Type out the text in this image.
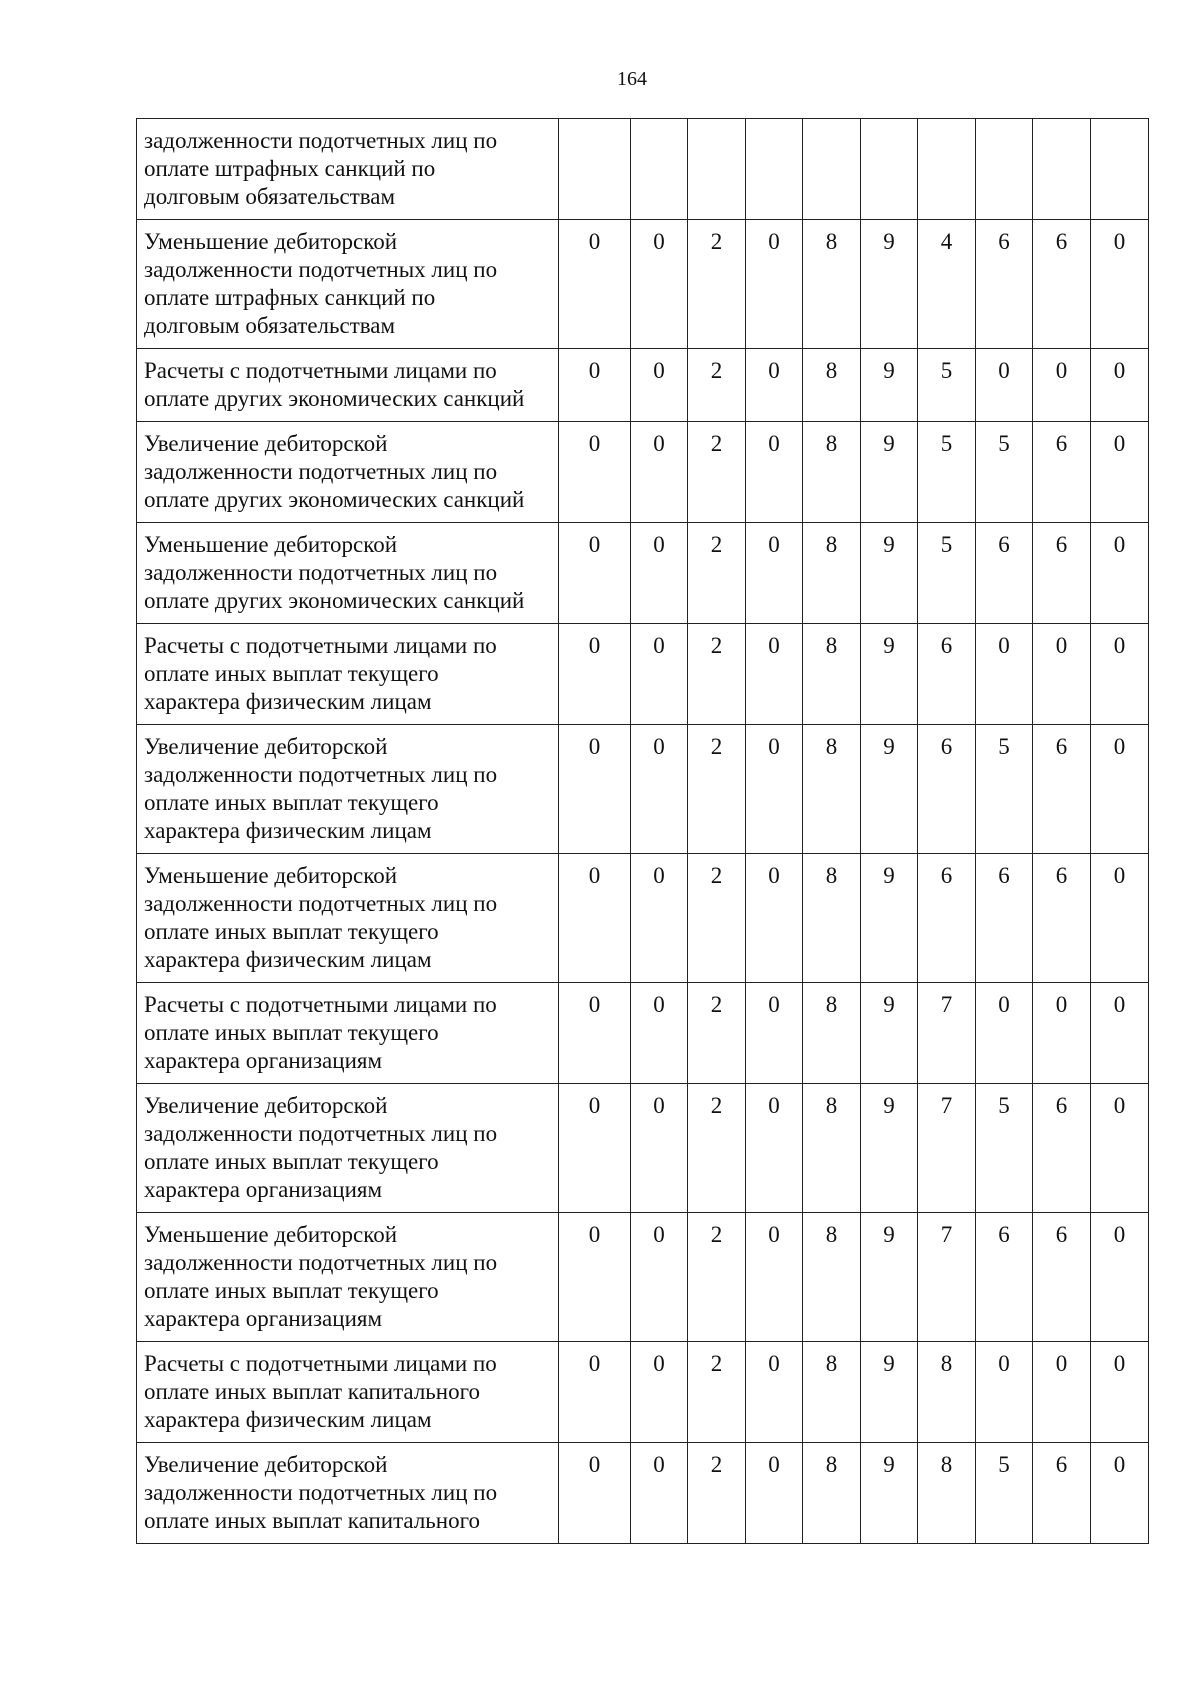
164
задолженности подотчетных лиц по
оплате штрафных санкций по
долговым обязательствам										

Уменьшение дебиторской
задолженности подотчетных лиц по
оплате штрафных санкций по
долговым обязательствам	0	0	2	0	8	9	4	6	6	0

Расчеты с подотчетными лицами по
оплате других экономических санкций	0	0	2	0	8	9	5	0	0	0

Увеличение дебиторской
задолженности подотчетных лиц по
оплате других экономических санкций	0	0	2	0	8	9	5	5	6	0

Уменьшение дебиторской
задолженности подотчетных лиц по
оплате других экономических санкций	0	0	2	0	8	9	5	6	6	0

Расчеты с подотчетными лицами по
оплате иных выплат текущего
характера физическим лицам	0	0	2	0	8	9	6	0	0	0

Увеличение дебиторской
задолженности подотчетных лиц по
оплате иных выплат текущего
характера физическим лицам	0	0	2	0	8	9	6	5	6	0

Уменьшение дебиторской
задолженности подотчетных лиц по
оплате иных выплат текущего
характера физическим лицам	0	0	2	0	8	9	6	6	6	0

Расчеты с подотчетными лицами по
оплате иных выплат текущего
характера организациям	0	0	2	0	8	9	7	0	0	0

Увеличение дебиторской
задолженности подотчетных лиц по
оплате иных выплат текущего
характера организациям	0	0	2	0	8	9	7	5	6	0

Уменьшение дебиторской
задолженности подотчетных лиц по
оплате иных выплат текущего
характера организациям	0	0	2	0	8	9	7	6	6	0

Расчеты с подотчетными лицами по
оплате иных выплат капитального
характера физическим лицам	0	0	2	0	8	9	8	0	0	0

Увеличение дебиторской
задолженности подотчетных лиц по
оплате иных выплат капитального	0	0	2	0	8	9	8	5	6	0
